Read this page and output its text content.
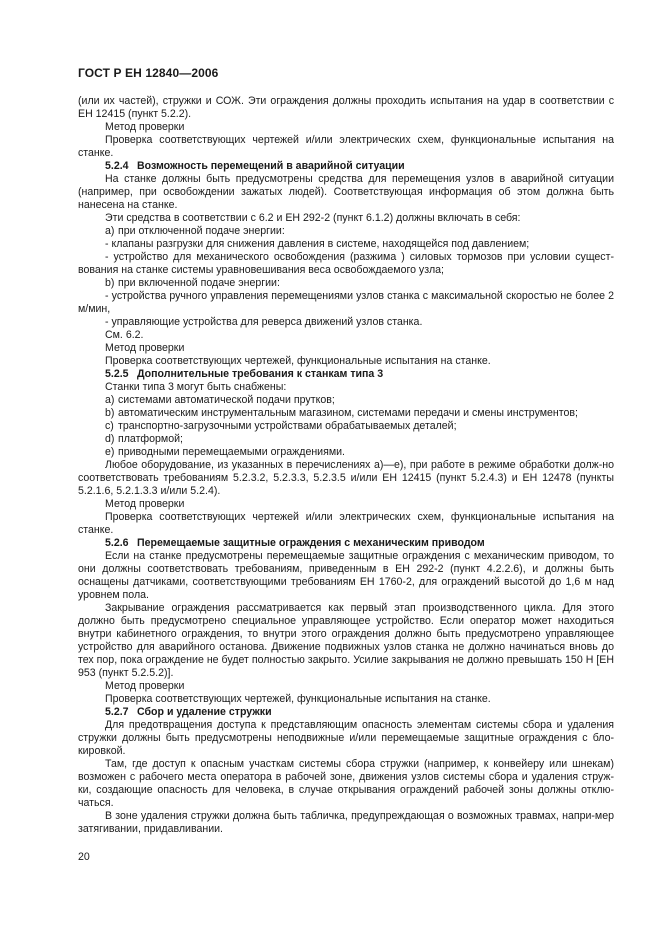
ГОСТ Р ЕН 12840—2006

(или их частей), стружки и СОЖ. Эти ограждения должны проходить испытания на удар в соответствии с ЕН 12415 (пункт 5.2.2).

Метод проверки

Проверка соответствующих чертежей и/или электрических схем, функциональные испытания на станке.

5.2.4 Возможность перемещений в аварийной ситуации

На станке должны быть предусмотрены средства для перемещения узлов в аварийной ситуации (например, при освобождении зажатых людей). Соответствующая информация об этом должна быть нанесена на станке.

Эти средства в соответствии с 6.2 и ЕН 292-2 (пункт 6.1.2) должны включать в себя:

а) при отключенной подаче энергии:

- клапаны разгрузки для снижения давления в системе, находящейся под давлением;

- устройство для механического освобождения (разжима ) силовых тормозов при условии сущест-вования на станке системы уравновешивания веса освобождаемого узла;

b) при включенной подаче энергии:

- устройства ручного управления перемещениями узлов станка с максимальной скоростью не более 2 м/мин,

- управляющие устройства для реверса движений узлов станка.

См. 6.2.

Метод проверки

Проверка соответствующих чертежей, функциональные испытания на станке.

5.2.5 Дополнительные требования к станкам типа 3

Станки типа 3 могут быть снабжены:

а) системами автоматической подачи прутков;

b) автоматическим инструментальным магазином, системами передачи и смены инструментов;

c) транспортно-загрузочными устройствами обрабатываемых деталей;

d) платформой;

e) приводными перемещаемыми ограждениями.

Любое оборудование, из указанных в перечислениях а)—е), при работе в режиме обработки долж-но соответствовать требованиям 5.2.3.2, 5.2.3.3, 5.2.3.5 и/или ЕН 12415 (пункт 5.2.4.3) и ЕН 12478 (пункты 5.2.1.6, 5.2.1.3.3 и/или 5.2.4).

Метод проверки

Проверка соответствующих чертежей и/или электрических схем, функциональные испытания на станке.

5.2.6 Перемещаемые защитные ограждения с механическим приводом

Если на станке предусмотрены перемещаемые защитные ограждения с механическим приводом, то они должны соответствовать требованиям, приведенным в ЕН 292-2 (пункт 4.2.2.6), и должны быть оснащены датчиками, соответствующими требованиям ЕН 1760-2, для ограждений высотой до 1,6 м над уровнем пола.

Закрывание ограждения рассматривается как первый этап производственного цикла. Для этого должно быть предусмотрено специальное управляющее устройство. Если оператор может находиться внутри кабинетного ограждения, то внутри этого ограждения должно быть предусмотрено управляющее устройство для аварийного останова. Движение подвижных узлов станка не должно начинаться вновь до тех пор, пока ограждение не будет полностью закрыто. Усилие закрывания не должно превышать 150 Н [ЕН 953 (пункт 5.2.5.2)].

Метод проверки

Проверка соответствующих чертежей, функциональные испытания на станке.

5.2.7 Сбор и удаление стружки

Для предотвращения доступа к представляющим опасность элементам системы сбора и удаления стружки должны быть предусмотрены неподвижные и/или перемещаемые защитные ограждения с бло-кировкой.

Там, где доступ к опасным участкам системы сбора стружки (например, к конвейеру или шнекам) возможен с рабочего места оператора в рабочей зоне, движения узлов системы сбора и удаления струж-ки, создающие опасность для человека, в случае открывания ограждений рабочей зоны должны отклю-чаться.

В зоне удаления стружки должна быть табличка, предупреждающая о возможных травмах, напри-мер затягивании, придавливании.

20
